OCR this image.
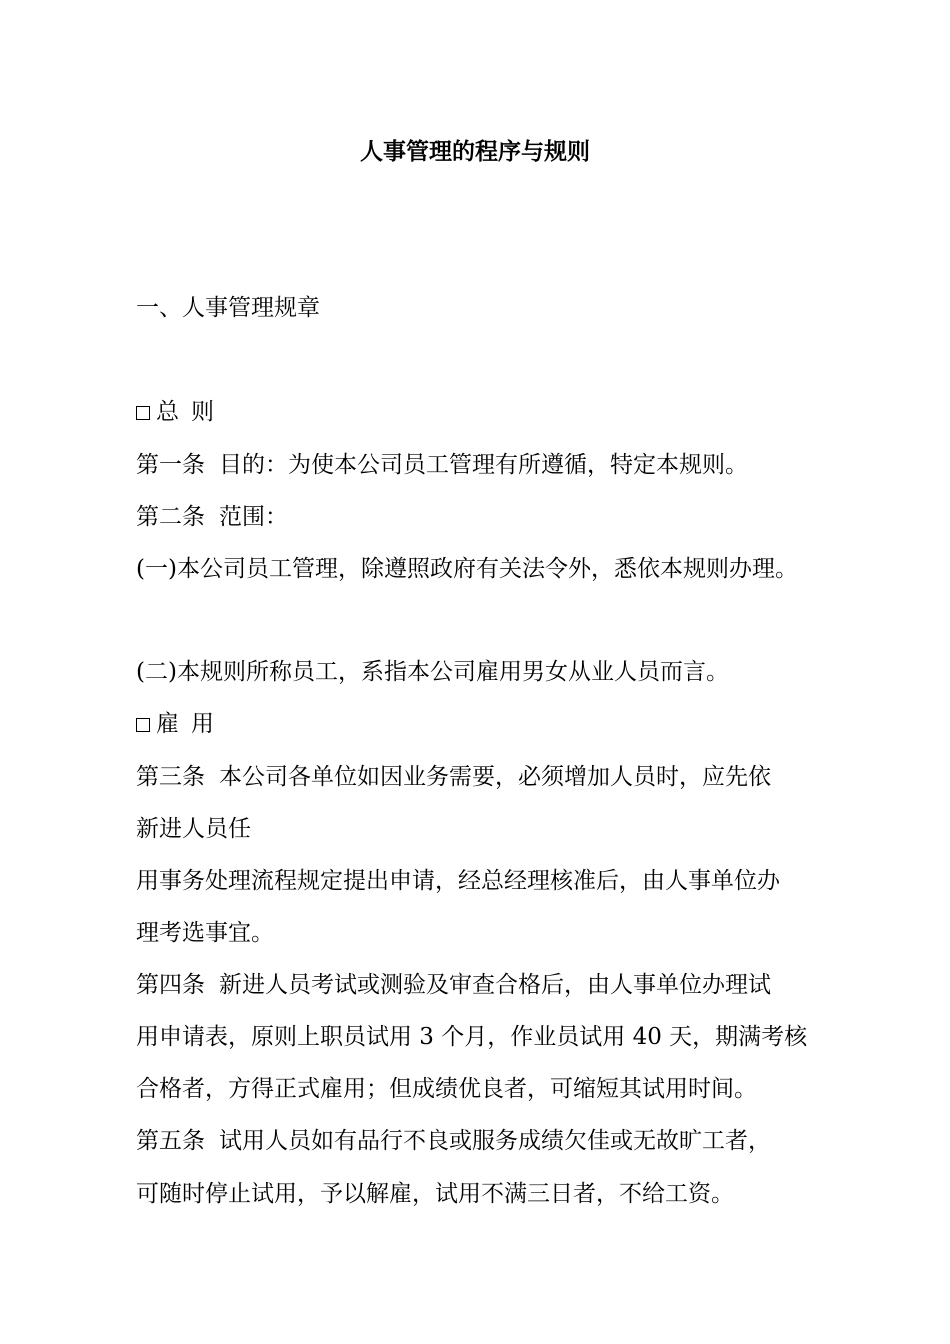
人事管理的程序与规则
一、人事管理规章
总 则
第一条 目的：为使本公司员工管理有所遵循，特定本规则。
第二条 范围：
(一)本公司员工管理，除遵照政府有关法令外，悉依本规则办理。
(二)本规则所称员工，系指本公司雇用男女从业人员而言。
雇 用
第三条 本公司各单位如因业务需要，必须增加人员时，应先依
新进人员任
用事务处理流程规定提出申请，经总经理核准后，由人事单位办
理考选事宜。
第四条 新进人员考试或测验及审查合格后，由人事单位办理试
用申请表，原则上职员试用 3 个月，作业员试用 40 天，期满考核
合格者，方得正式雇用；但成绩优良者，可缩短其试用时间。
第五条 试用人员如有品行不良或服务成绩欠佳或无故旷工者，
可随时停止试用，予以解雇，试用不满三日者，不给工资。
